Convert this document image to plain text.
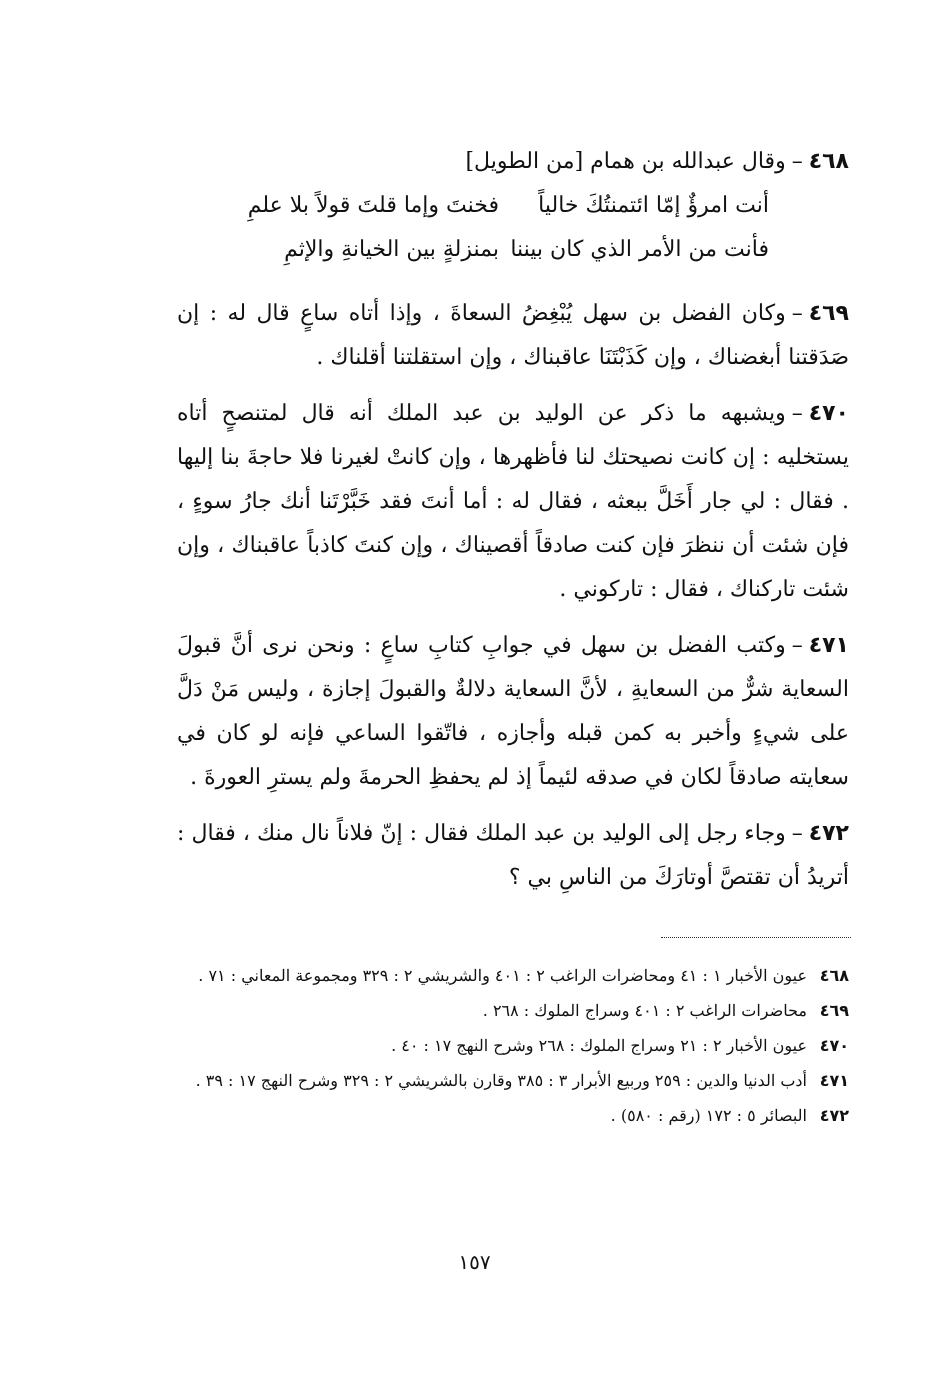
٤٦٨–وقال عبدالله بن همام [من الطويل]
أنت امرؤٌ إمّا ائتمنتُكَ خالياً
فخنتَ وإما قلتَ قولاً بلا علمِ
فأنت من الأمر الذي كان بيننا
بمنزلةٍ بين الخيانةِ والإثمِ
٤٦٩–وكان الفضل بن سهل يُبْغِضُ السعاةَ ، وإذا أتاه ساعٍ قال له : إن صَدَقتنا أبغضناك ، وإن كَذَبْتَنَا عاقبناك ، وإن استقلتنا أقلناك .
٤٧٠–ويشبهه ما ذكر عن الوليد بن عبد الملك أنه قال لمتنصحٍ أتاه يستخليه : إن كانت نصيحتك لنا فأظهرها ، وإن كانتْ لغيرنا فلا حاجةَ بنا إليها . فقال : لي جار أَخَلَّ ببعثه ، فقال له : أما أنتَ فقد خَبَّرْتَنا أنك جارُ سوءٍ ، فإن شئت أن ننظرَ فإن كنت صادقاً أقصيناك ، وإن كنتَ كاذباً عاقبناك ، وإن شئت تاركناك ، فقال : تاركوني .
٤٧١–وكتب الفضل بن سهل في جوابِ كتابِ ساعٍ : ونحن نرى أنَّ قبولَ السعاية شرٌّ من السعايةِ ، لأنَّ السعاية دلالةٌ والقبولَ إجازة ، وليس مَنْ دَلَّ على شيءٍ وأخبر به كمن قبله وأجازه ، فاتّقوا الساعي فإنه لو كان في سعايته صادقاً لكان في صدقه لئيماً إذ لم يحفظِ الحرمةَ ولم يسترِ العورةَ .
٤٧٢–وجاء رجل إلى الوليد بن عبد الملك فقال : إنّ فلاناً نال منك ، فقال : أتريدُ أن تقتصَّ أوتارَكَ من الناسِ بي ؟
٤٦٨
عيون الأخبار ١ : ٤١ ومحاضرات الراغب ٢ : ٤٠١ والشريشي ٢ : ٣٢٩ ومجموعة المعاني : ٧١ .
٤٦٩
محاضرات الراغب ٢ : ٤٠١ وسراج الملوك : ٢٦٨ .
٤٧٠
عيون الأخبار ٢ : ٢١ وسراج الملوك : ٢٦٨ وشرح النهج ١٧ : ٤٠ .
٤٧١
أدب الدنيا والدين : ٢٥٩ وربيع الأبرار ٣ : ٣٨٥ وقارن بالشريشي ٢ : ٣٢٩ وشرح النهج ١٧ : ٣٩ .
٤٧٢
البصائر ٥ : ١٧٢ (رقم : ٥٨٠) .
١٥٧
